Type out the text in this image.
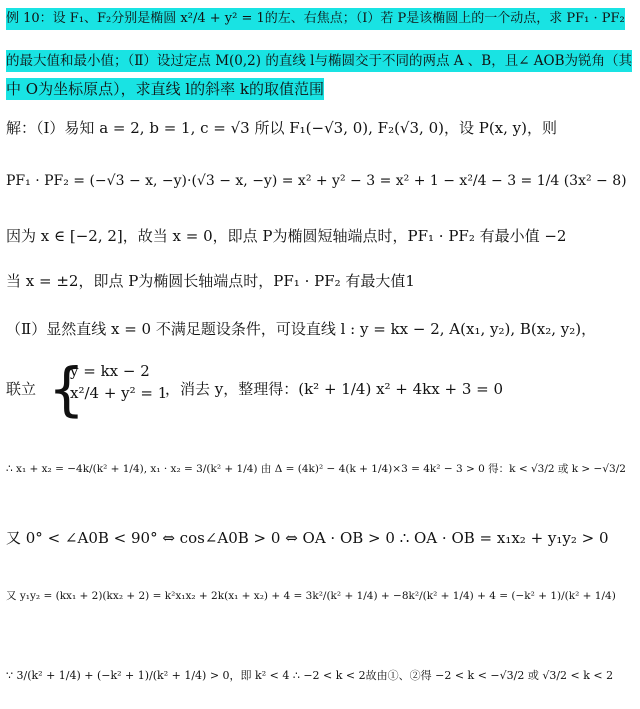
例 10：设 F₁、F₂分别是椭圆 x²/4 + y² = 1的左、右焦点；（Ⅰ）若 P是该椭圆上的一个动点，求 PF₁ · PF₂
的最大值和最小值；（Ⅱ）设过定点 M(0,2) 的直线 l与椭圆交于不同的两点 A 、B，且∠ AOB为锐角（其
中 O为坐标原点），求直线 l的斜率 k的取值范围
解：（Ⅰ）易知 a = 2, b = 1, c = √3 所以 F₁(−√3, 0), F₂(√3, 0)，设 P(x, y)，则
PF₁ · PF₂ = (−√3 − x, −y)·(√3 − x, −y) = x² + y² − 3 = x² + 1 − x²/4 − 3 = 1/4 (3x² − 8)
因为 x ∈ [−2, 2]，故当 x = 0，即点 P为椭圆短轴端点时，PF₁ · PF₂ 有最小值 −2
当 x = ±2，即点 P为椭圆长轴端点时，PF₁ · PF₂ 有最大值1
（Ⅱ）显然直线 x = 0 不满足题设条件，可设直线 l : y = kx − 2, A(x₁, y₂), B(x₂, y₂)，
联立 {
y = kx − 2
x²/4 + y² = 1
，消去 y，整理得：(k² + 1/4) x² + 4kx + 3 = 0
∴ x₁ + x₂ = −4k/(k² + 1/4), x₁ · x₂ = 3/(k² + 1/4) 由 Δ = (4k)² − 4(k + 1/4)×3 = 4k² − 3 > 0 得：k < √3/2 或 k > −√3/2
又 0° < ∠A0B < 90° ⇔ cos∠A0B > 0 ⇔ OA · OB > 0 ∴ OA · OB = x₁x₂ + y₁y₂ > 0
又 y₁y₂ = (kx₁ + 2)(kx₂ + 2) = k²x₁x₂ + 2k(x₁ + x₂) + 4 = 3k²/(k² + 1/4) + −8k²/(k² + 1/4) + 4 = (−k² + 1)/(k² + 1/4)
∵ 3/(k² + 1/4) + (−k² + 1)/(k² + 1/4) > 0，即 k² < 4 ∴ −2 < k < 2故由①、②得 −2 < k < −√3/2 或 √3/2 < k < 2
